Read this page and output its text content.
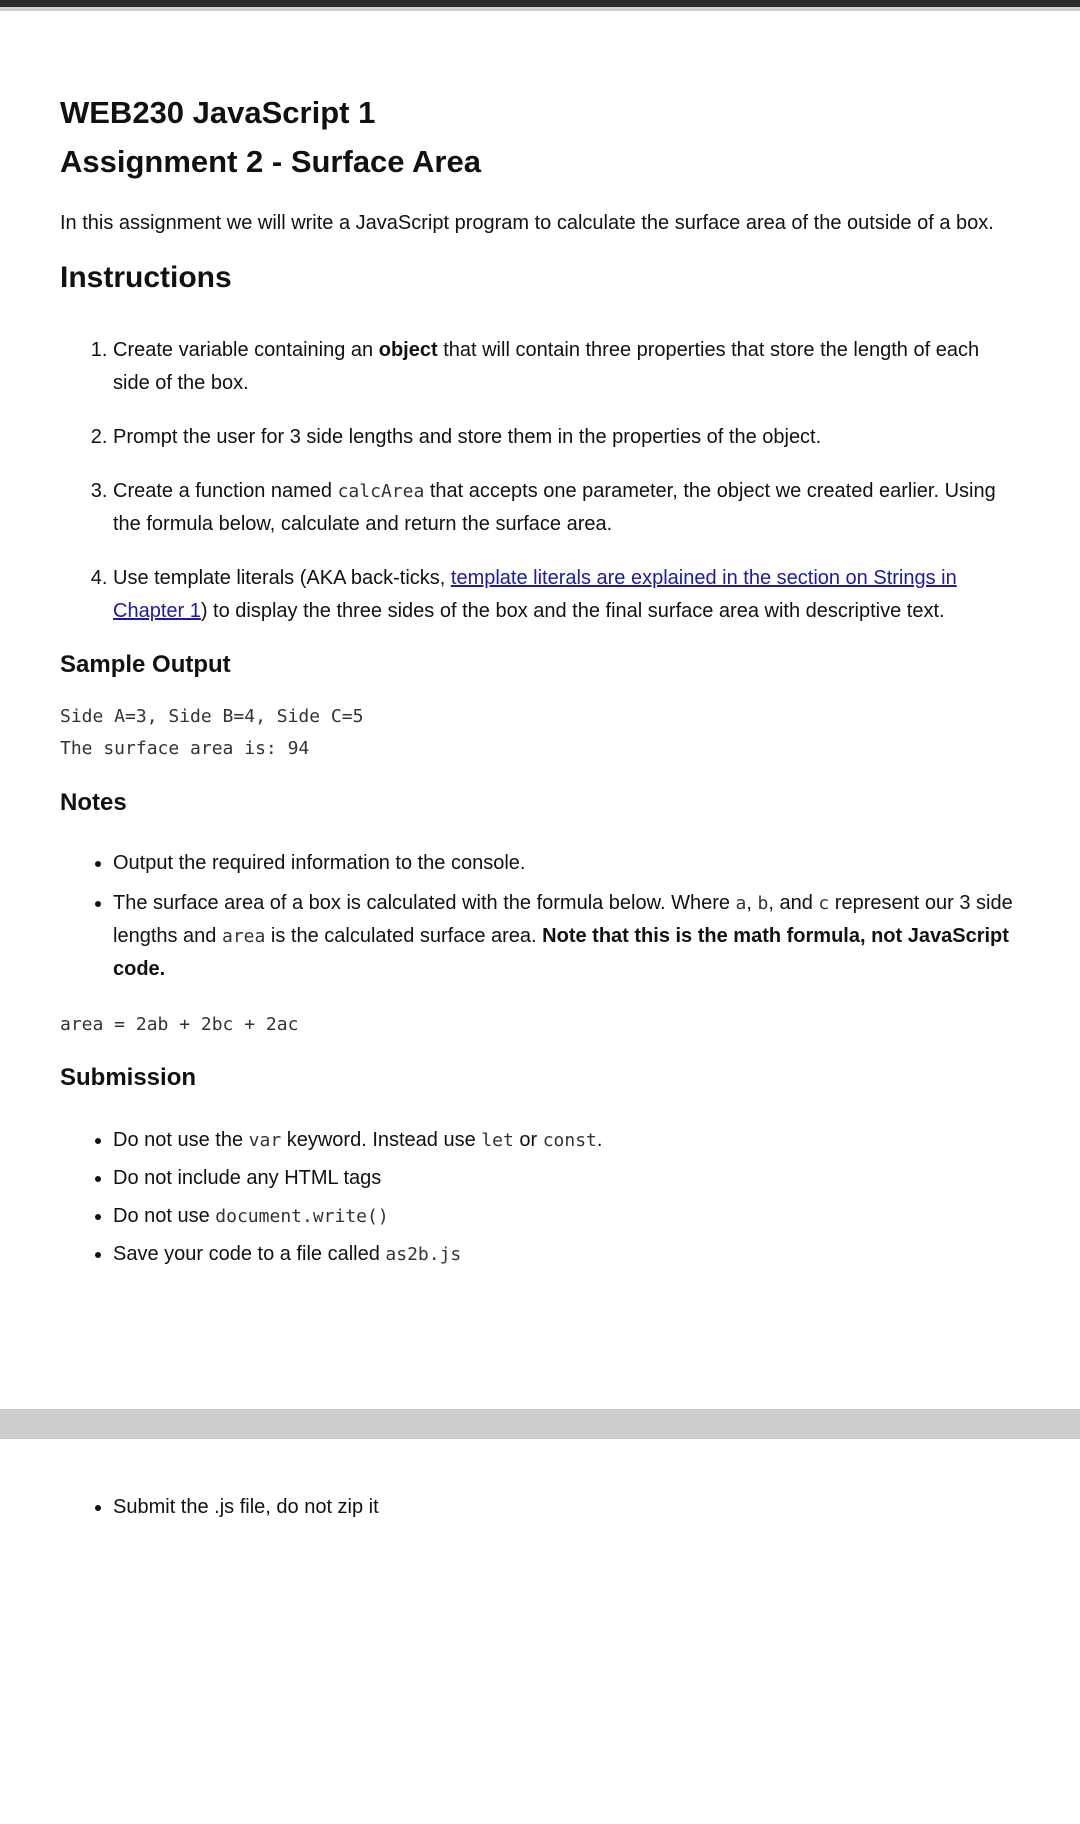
WEB230 JavaScript 1
Assignment 2 - Surface Area

In this assignment we will write a JavaScript program to calculate the surface area of the outside of a box.

Instructions
1. Create variable containing an object that will contain three properties that store the length of each side of the box.
2. Prompt the user for 3 side lengths and store them in the properties of the object.
3. Create a function named calcArea that accepts one parameter, the object we created earlier. Using the formula below, calculate and return the surface area.
4. Use template literals (AKA back-ticks, template literals are explained in the section on Strings in Chapter 1) to display the three sides of the box and the final surface area with descriptive text.
Sample Output
Side A=3, Side B=4, Side C=5
The surface area is: 94
Notes
• Output the required information to the console.
• The surface area of a box is calculated with the formula below. Where a, b, and c represent our 3 side lengths and area is the calculated surface area. Note that this is the math formula, not JavaScript code.
area = 2ab + 2bc + 2ac
Submission
• Do not use the var keyword. Instead use let or const.
• Do not include any HTML tags
• Do not use document.write()
• Save your code to a file called as2b.js
• Submit the .js file, do not zip it
